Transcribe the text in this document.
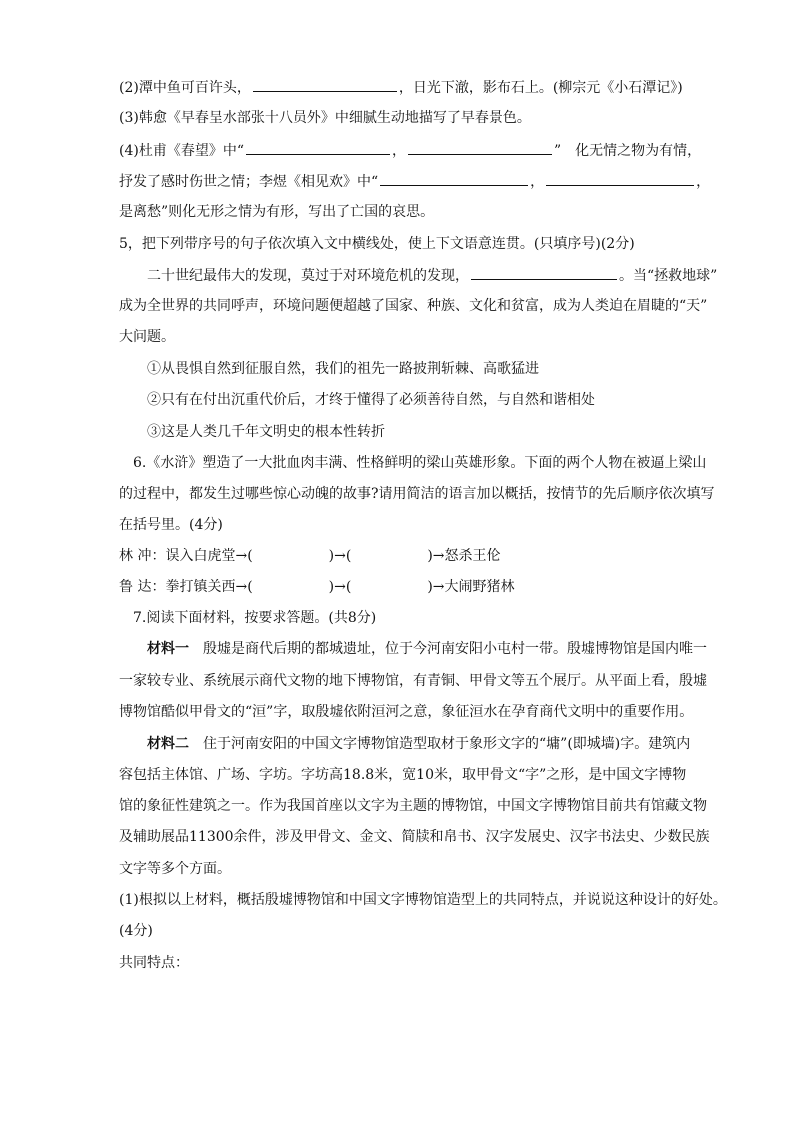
(2)潭中鱼可百许头，	，日光下澈，影布石上。(柳宗元《小石潭记》)
(3)韩愈《早春呈水部张十八员外》中细腻生动地描写了早春景色。
(4)杜甫《春望》中“	，	”　化无情之物为有情，
抒发了感时伤世之情；李煜《相见欢》中“	，	，
是离愁”则化无形之情为有形，写出了亡国的哀思。
5，把下列带序号的句子依次填入文中横线处，使上下文语意连贯。(只填序号)(2分)
二十世纪最伟大的发现，莫过于对环境危机的发现，	。当“拯救地球”
成为全世界的共同呼声，环境问题便超越了国家、种族、文化和贫富，成为人类迫在眉睫的“天”
大问题。
①从畏惧自然到征服自然，我们的祖先一路披荆斩棘、高歌猛进
②只有在付出沉重代价后，才终于懂得了必须善待自然，与自然和谐相处
③这是人类几千年文明史的根本性转折
6.《水浒》塑造了一大批血肉丰满、性格鲜明的梁山英雄形象。下面的两个人物在被逼上梁山
的过程中，都发生过哪些惊心动魄的故事?请用简洁的语言加以概括，按情节的先后顺序依次填写
在括号里。(4分)
林 冲：误入白虎堂→(	)→(	)→怒杀王伦
鲁 达：拳打镇关西→(	)→(	)→大闹野猪林
7.阅读下面材料，按要求答题。(共8分)
材料一 殷墟是商代后期的都城遗址，位于今河南安阳小屯村一带。殷墟博物馆是国内唯一
一家较专业、系统展示商代文物的地下博物馆，有青铜、甲骨文等五个展厅。从平面上看，殷墟
博物馆酷似甲骨文的“洹”字，取殷墟依附洹河之意，象征洹水在孕育商代文明中的重要作用。
材料二 住于河南安阳的中国文字博物馆造型取材于象形文字的“墉”(即城墙)字。建筑内
容包括主体馆、广场、字坊。字坊高18.8米，宽10米，取甲骨文“字”之形，是中国文字博物
馆的象征性建筑之一。作为我国首座以文字为主题的博物馆，中国文字博物馆目前共有馆藏文物
及辅助展品11300余件，涉及甲骨文、金文、简牍和帛书、汉字发展史、汉字书法史、少数民族
文字等多个方面。
(1)根拟以上材料，概括殷墟博物馆和中国文字博物馆造型上的共同特点，并说说这种设计的好处。
(4分)
共同特点：
